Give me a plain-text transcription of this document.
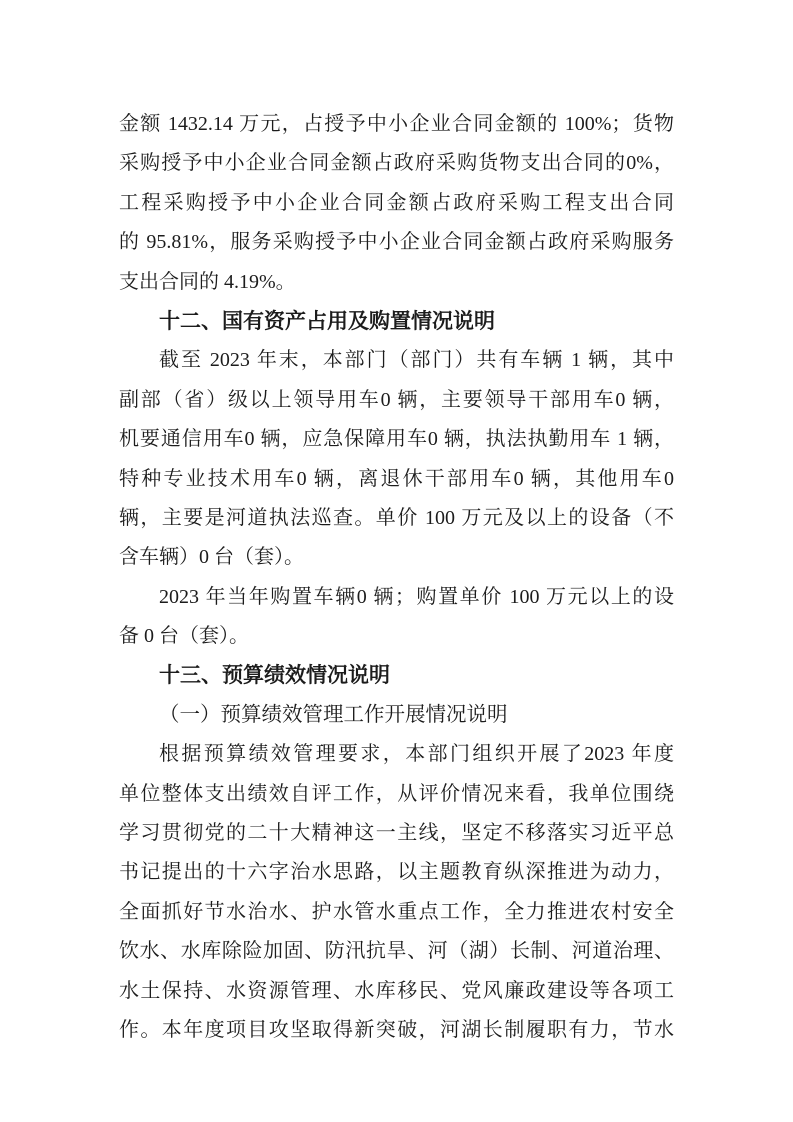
金额 1432.14 万元，占授予中小企业合同金额的 100%；货物
采购授予中小企业合同金额占政府采购货物支出合同的0%，
工程采购授予中小企业合同金额占政府采购工程支出合同
的 95.81%，服务采购授予中小企业合同金额占政府采购服务
支出合同的 4.19%。
十二、国有资产占用及购置情况说明
截至 2023 年末，本部门（部门）共有车辆 1 辆，其中
副部（省）级以上领导用车0 辆，主要领导干部用车0 辆，
机要通信用车0 辆，应急保障用车0 辆，执法执勤用车 1 辆，
特种专业技术用车0 辆，离退休干部用车0 辆，其他用车0
辆，主要是河道执法巡查。单价 100 万元及以上的设备（不
含车辆）0 台（套）。
2023 年当年购置车辆0 辆；购置单价 100 万元以上的设
备 0 台（套）。
十三、预算绩效情况说明
（一）预算绩效管理工作开展情况说明
根据预算绩效管理要求，本部门组织开展了2023 年度
单位整体支出绩效自评工作，从评价情况来看，我单位围绕
学习贯彻党的二十大精神这一主线，坚定不移落实习近平总
书记提出的十六字治水思路，以主题教育纵深推进为动力，
全面抓好节水治水、护水管水重点工作，全力推进农村安全
饮水、水库除险加固、防汛抗旱、河（湖）长制、河道治理、
水土保持、水资源管理、水库移民、党风廉政建设等各项工
作。本年度项目攻坚取得新突破，河湖长制履职有力，节水
